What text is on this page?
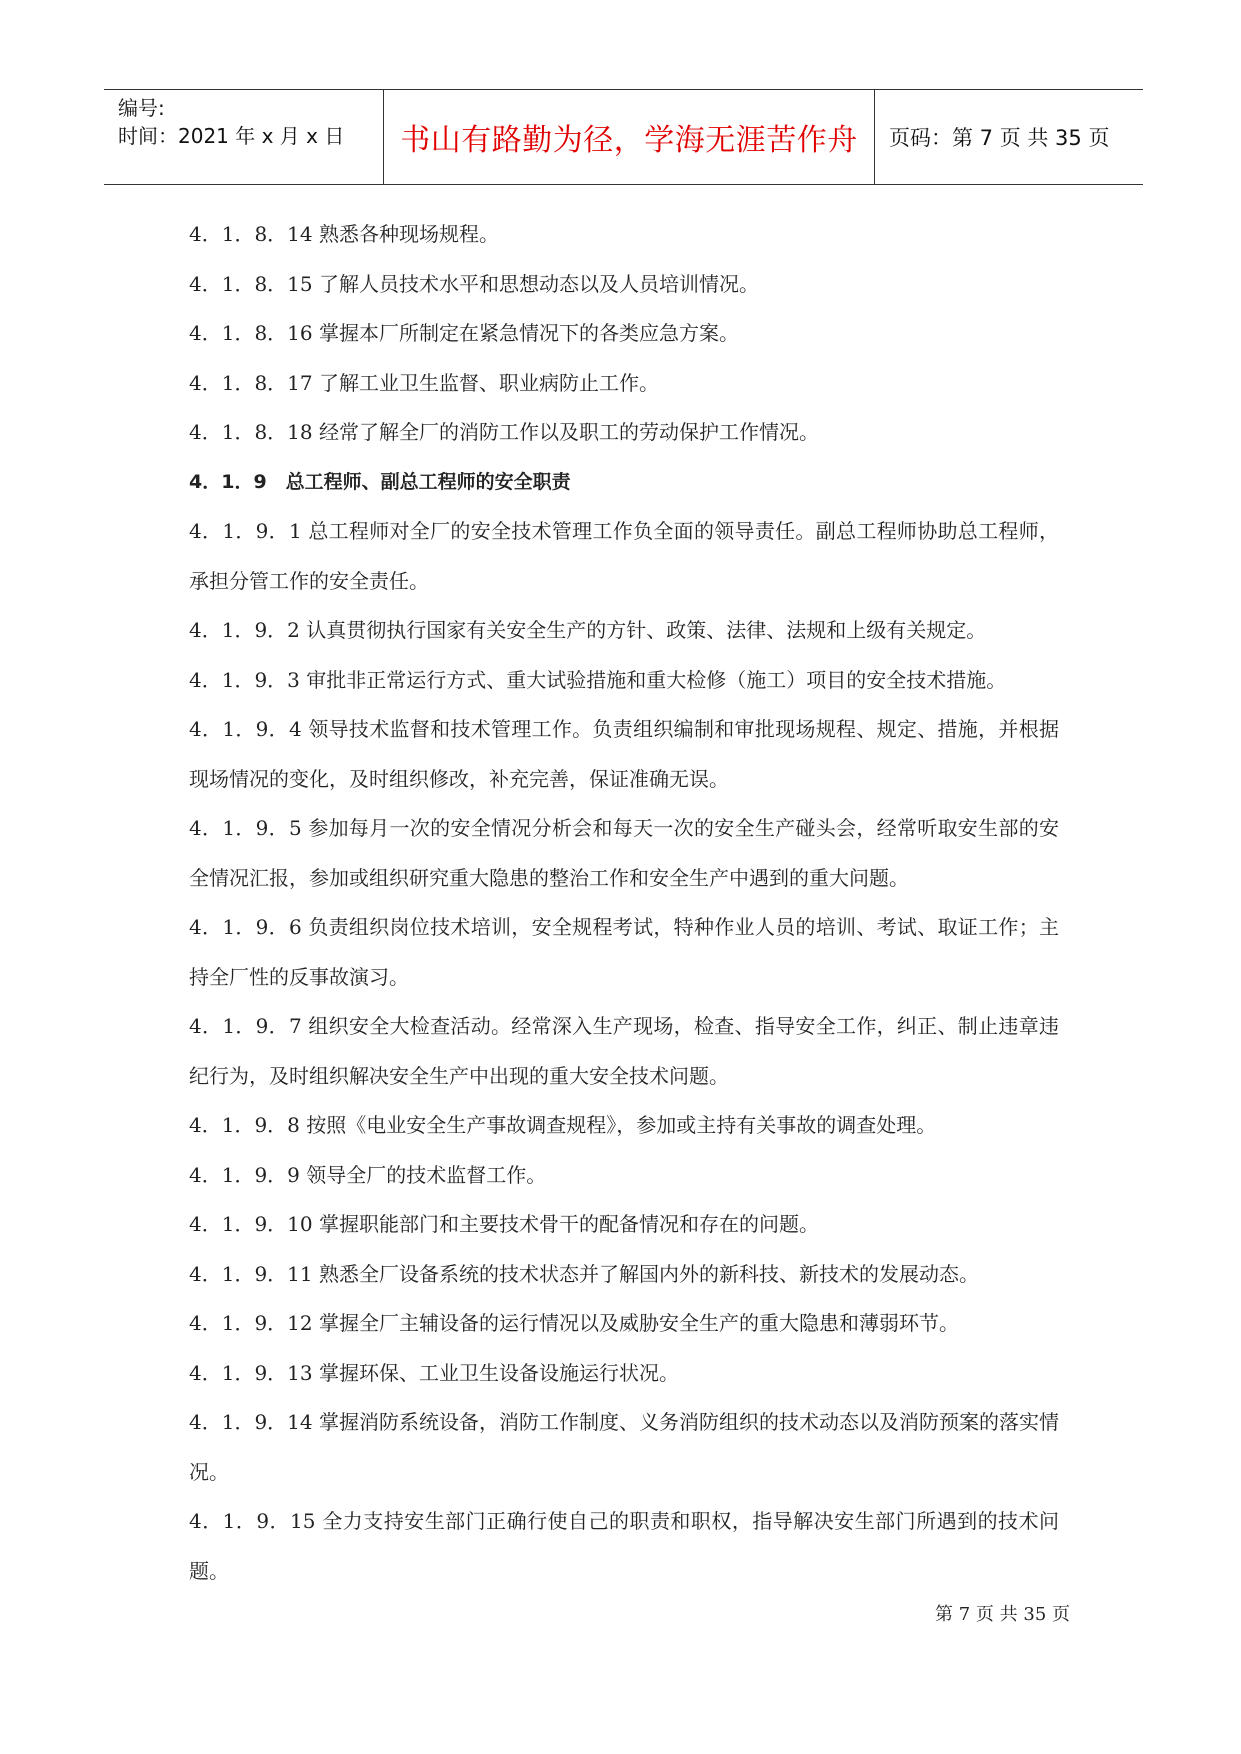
编号:
时间：2021 年 x 月 x 日	书山有路勤为径，学海无涯苦作舟	页码：第 7 页 共 35 页

4．1．8．14 熟悉各种现场规程。

4．1．8．15 了解人员技术水平和思想动态以及人员培训情况。

4．1．8．16 掌握本厂所制定在紧急情况下的各类应急方案。

4．1．8．17 了解工业卫生监督、职业病防止工作。

4．1．8．18 经常了解全厂的消防工作以及职工的劳动保护工作情况。

4．1．9　总工程师、副总工程师的安全职责

4．1．9．1 总工程师对全厂的安全技术管理工作负全面的领导责任。副总工程师协助总工程师，承担分管工作的安全责任。

4．1．9．2 认真贯彻执行国家有关安全生产的方针、政策、法律、法规和上级有关规定。

4．1．9．3 审批非正常运行方式、重大试验措施和重大检修（施工）项目的安全技术措施。

4．1．9．4 领导技术监督和技术管理工作。负责组织编制和审批现场规程、规定、措施，并根据现场情况的变化，及时组织修改，补充完善，保证准确无误。

4．1．9．5 参加每月一次的安全情况分析会和每天一次的安全生产碰头会，经常听取安生部的安全情况汇报，参加或组织研究重大隐患的整治工作和安全生产中遇到的重大问题。

4．1．9．6 负责组织岗位技术培训，安全规程考试，特种作业人员的培训、考试、取证工作；主持全厂性的反事故演习。

4．1．9．7 组织安全大检查活动。经常深入生产现场，检查、指导安全工作，纠正、制止违章违纪行为，及时组织解决安全生产中出现的重大安全技术问题。

4．1．9．8 按照《电业安全生产事故调查规程》，参加或主持有关事故的调查处理。

4．1．9．9 领导全厂的技术监督工作。

4．1．9．10 掌握职能部门和主要技术骨干的配备情况和存在的问题。

4．1．9．11 熟悉全厂设备系统的技术状态并了解国内外的新科技、新技术的发展动态。

4．1．9．12 掌握全厂主辅设备的运行情况以及威胁安全生产的重大隐患和薄弱环节。

4．1．9．13 掌握环保、工业卫生设备设施运行状况。

4．1．9．14 掌握消防系统设备，消防工作制度、义务消防组织的技术动态以及消防预案的落实情况。

4．1．9．15 全力支持安生部门正确行使自己的职责和职权，指导解决安生部门所遇到的技术问题。

第 7 页 共 35 页
